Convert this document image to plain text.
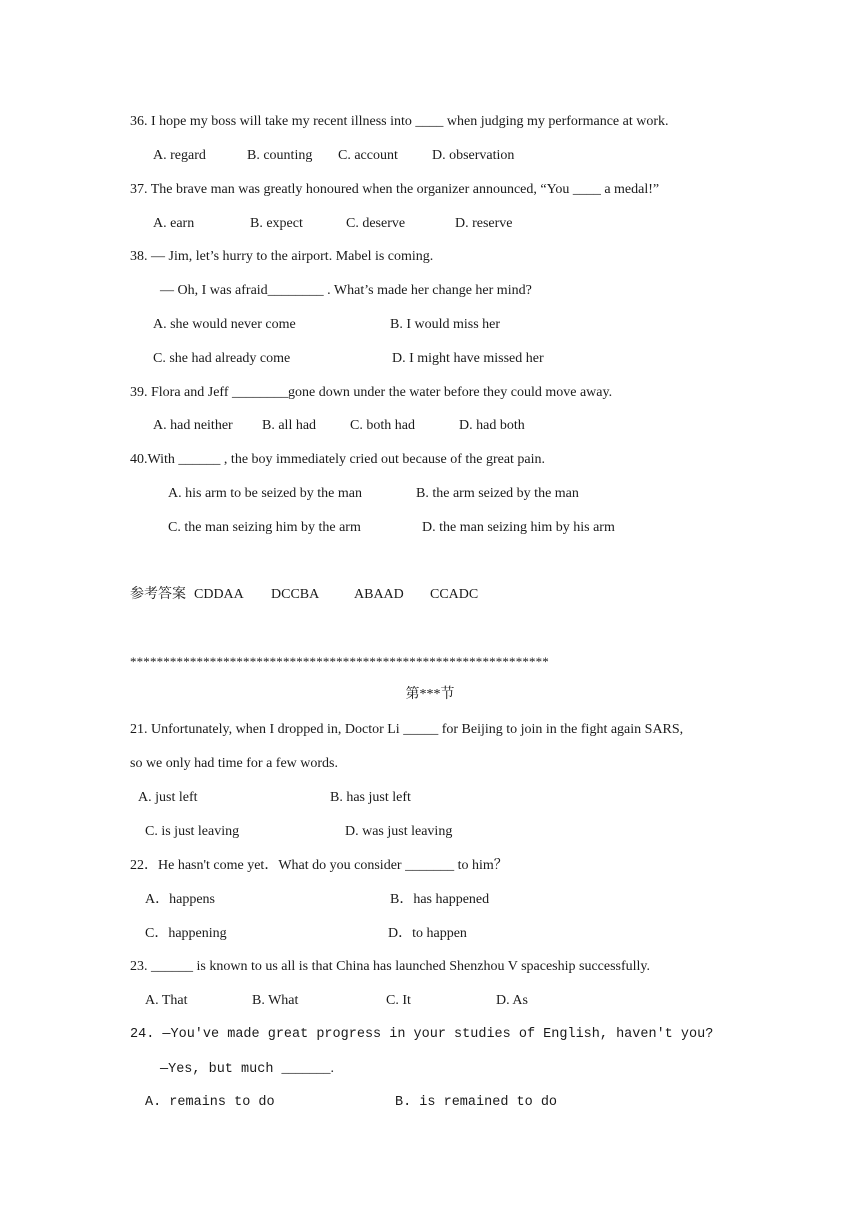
36. I hope my boss will take my recent illness into ____ when judging my performance at work.
A. regard	B. counting C. account D. observation
37. The brave man was greatly honoured when the organizer announced, “You ____ a medal!”
A. earn	B. expect	C. deserve	D. reserve
38. — Jim, let’s hurry to the airport. Mabel is coming.
— Oh, I was afraid________ . What’s made her change her mind?
A. she would never come	B. I would miss her
C. she had already come	D. I might have missed her
39. Flora and Jeff ________gone down under the water before they could move away.
A. had neither B. all had C. both had	D. had both
40.With ______ , the boy immediately cried out because of the great pain.
A. his arm to be seized by the man	B. the arm seized by the man
C. the man seizing him by the arm	D. the man seizing him by his arm
参考答案 CDDAA DCCBA ABAAD CCADC
***************************************************************
第***节
21. Unfortunately, when I dropped in, Doctor Li _____ for Beijing to join in the fight again SARS,
so we only had time for a few words.
A. just left	B. has just left
C. is just leaving	D. was just leaving
22．He hasn't come yet．What do you consider _______ to him？
A．happens	B．has happened
C．happening	D．to happen
23. ______ is known to us all is that China has launched Shenzhou V spaceship successfully.
A. That	B. What	C. It	D. As
24. —You've made great progress in your studies of English, haven't you?
—Yes, but much _______.
A. remains to do	B. is remained to do
